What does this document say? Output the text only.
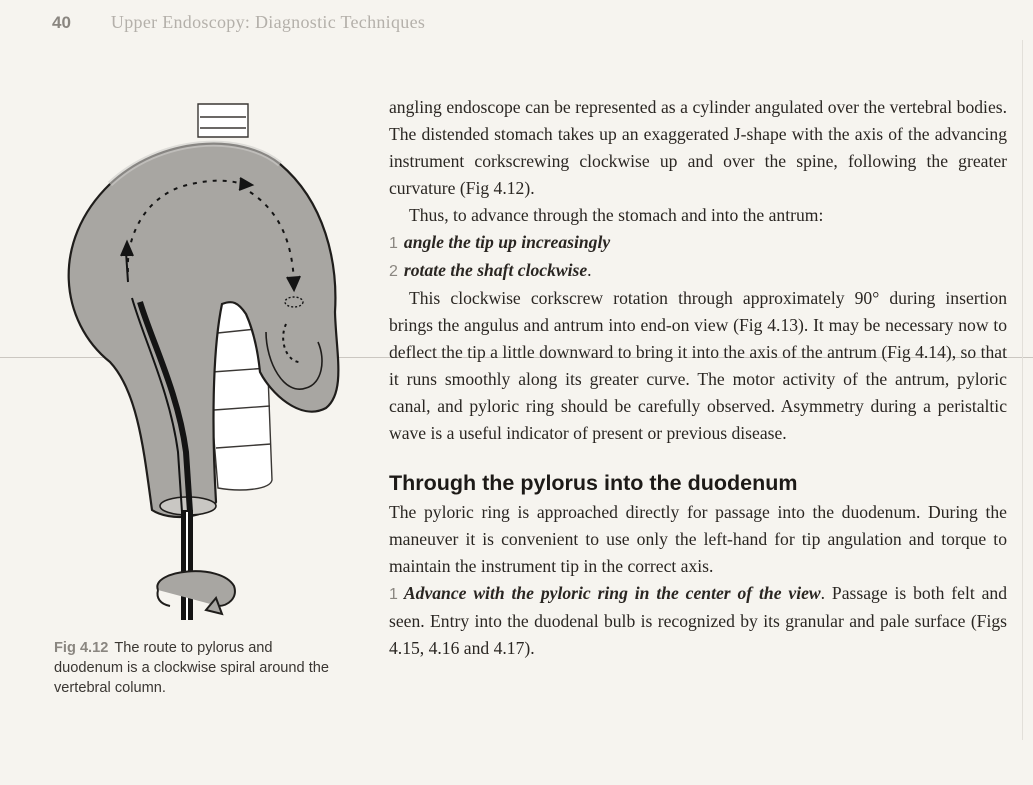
40 Upper Endoscopy: Diagnostic Techniques
Fig 4.12 The route to pylorus and duodenum is a clockwise spiral around the vertebral column.

angling endoscope can be represented as a cylinder angulated over the vertebral bodies. The distended stomach takes up an exaggerated J-shape with the axis of the advancing instrument corkscrewing clockwise up and over the spine, following the greater curvature (Fig 4.12).

Thus, to advance through the stomach and into the antrum:

1 angle the tip up increasingly

2 rotate the shaft clockwise.

This clockwise corkscrew rotation through approximately 90° during insertion brings the angulus and antrum into end-on view (Fig 4.13). It may be necessary now to deflect the tip a little downward to bring it into the axis of the antrum (Fig 4.14), so that it runs smoothly along its greater curve. The motor activity of the antrum, pyloric canal, and pyloric ring should be carefully observed. Asymmetry during a peristaltic wave is a useful indicator of present or previous disease.

Through the pylorus into the duodenum

The pyloric ring is approached directly for passage into the duodenum. During the maneuver it is convenient to use only the left-hand for tip angulation and torque to maintain the instrument tip in the correct axis.

1 Advance with the pyloric ring in the center of the view. Passage is both felt and seen. Entry into the duodenal bulb is recognized by its granular and pale surface (Figs 4.15, 4.16 and 4.17).
